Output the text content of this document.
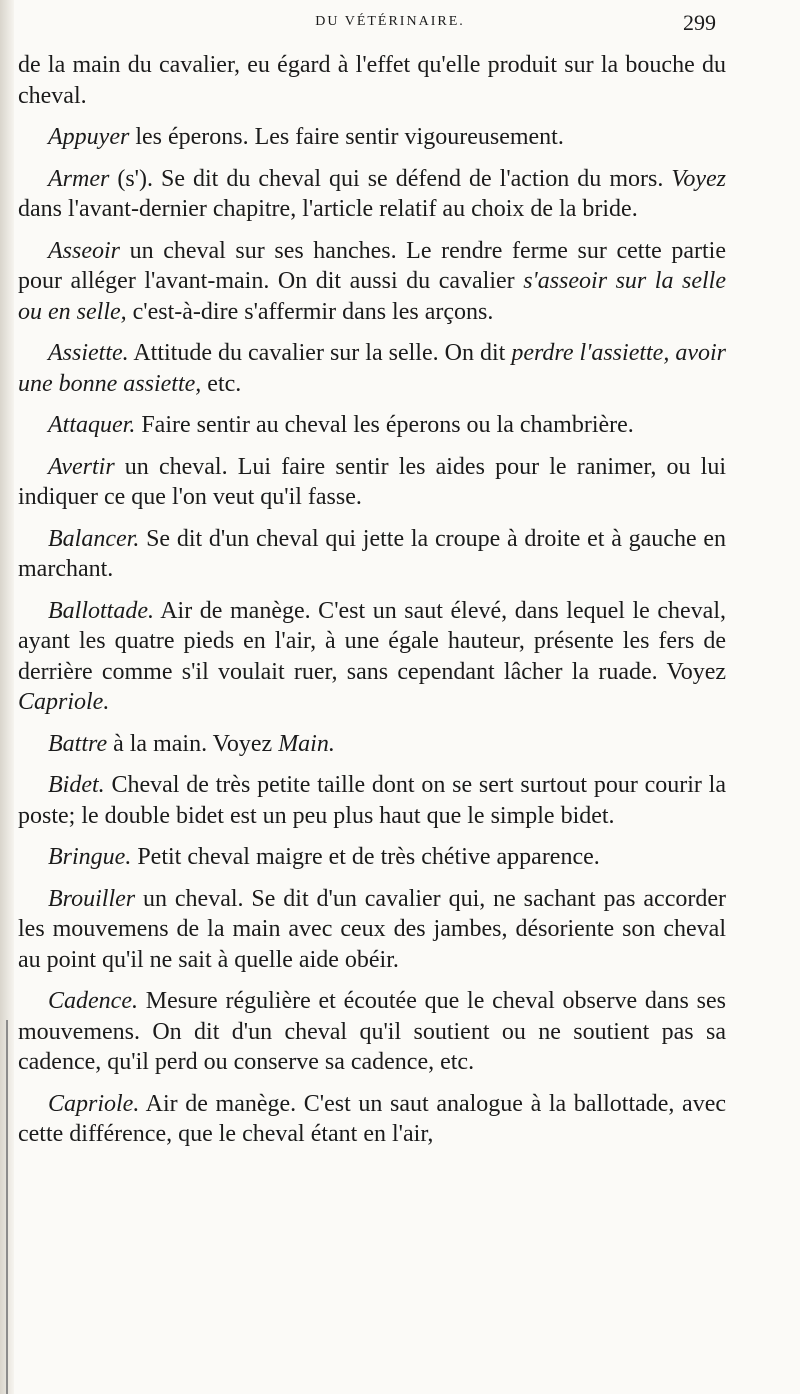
DU VÉTÉRINAIRE.	299

de la main du cavalier, eu égard à l'effet qu'elle produit sur la bouche du cheval.

Appuyer les éperons. Les faire sentir vigoureusement.

Armer (s'). Se dit du cheval qui se défend de l'action du mors. Voyez dans l'avant-dernier chapitre, l'article relatif au choix de la bride.

Asseoir un cheval sur ses hanches. Le rendre ferme sur cette partie pour alléger l'avant-main. On dit aussi du cavalier s'asseoir sur la selle ou en selle, c'est-à-dire s'affermir dans les arçons.

Assiette. Attitude du cavalier sur la selle. On dit perdre l'assiette, avoir une bonne assiette, etc.

Attaquer. Faire sentir au cheval les éperons ou la chambrière.

Avertir un cheval. Lui faire sentir les aides pour le ranimer, ou lui indiquer ce que l'on veut qu'il fasse.

Balancer. Se dit d'un cheval qui jette la croupe à droite et à gauche en marchant.

Ballottade. Air de manège. C'est un saut élevé, dans lequel le cheval, ayant les quatre pieds en l'air, à une égale hauteur, présente les fers de derrière comme s'il voulait ruer, sans cependant lâcher la ruade. Voyez Capriole.

Battre à la main. Voyez Main.

Bidet. Cheval de très petite taille dont on se sert surtout pour courir la poste; le double bidet est un peu plus haut que le simple bidet.

Bringue. Petit cheval maigre et de très chétive apparence.

Brouiller un cheval. Se dit d'un cavalier qui, ne sachant pas accorder les mouvemens de la main avec ceux des jambes, désoriente son cheval au point qu'il ne sait à quelle aide obéir.

Cadence. Mesure régulière et écoutée que le cheval observe dans ses mouvemens. On dit d'un cheval qu'il soutient ou ne soutient pas sa cadence, qu'il perd ou conserve sa cadence, etc.

Capriole. Air de manège. C'est un saut analogue à la ballottade, avec cette différence, que le cheval étant en l'air,
